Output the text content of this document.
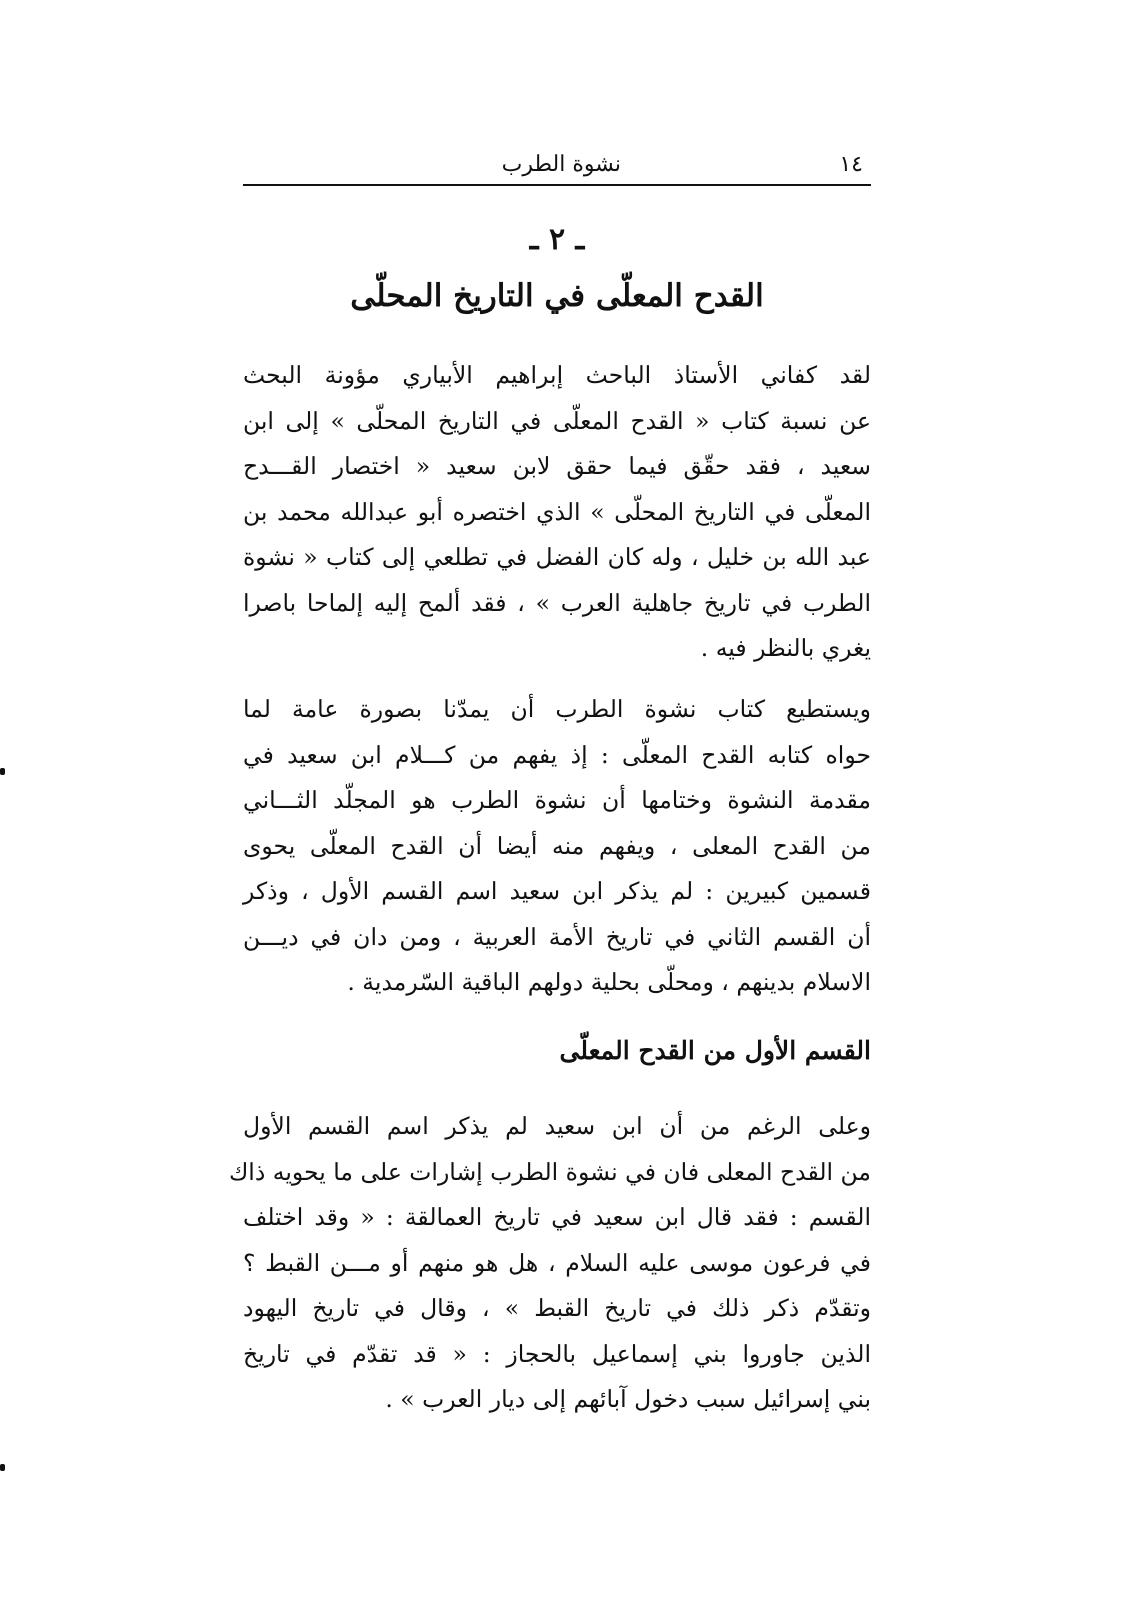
١٤
نشوة الطرب
ـ ٢ ـ
القدح المعلّى في التاريخ المحلّى
لقد كفاني الأستاذ الباحث إبراهيم الأبياري مؤونة البحث
عن نسبة كتاب « القدح المعلّى في التاريخ المحلّى » إلى ابن
سعيد ، فقد حقّق فيما حقق لابن سعيد « اختصار القـــدح
المعلّى في التاريخ المحلّى » الذي اختصره أبو عبدالله محمد بن
عبد الله بن خليل ، وله كان الفضل في تطلعي إلى كتاب « نشوة
الطرب في تاريخ جاهلية العرب » ، فقد ألمح إليه إلماحا باصرا
يغري بالنظر فيه .
ويستطيع كتاب نشوة الطرب أن يمدّنا بصورة عامة لما
حواه كتابه القدح المعلّى : إذ يفهم من كـــلام ابن سعيد في
مقدمة النشوة وختامها أن نشوة الطرب هو المجلّد الثـــاني
من القدح المعلى ، ويفهم منه أيضا أن القدح المعلّى يحوى
قسمين كبيرين : لم يذكر ابن سعيد اسم القسم الأول ، وذكر
أن القسم الثاني في تاريخ الأمة العربية ، ومن دان في ديـــن
الاسلام بدينهم ، ومحلّى بحلية دولهم الباقية السّرمدية .
القسم الأول من القدح المعلّى
وعلى الرغم من أن ابن سعيد لم يذكر اسم القسم الأول
من القدح المعلى فان في نشوة الطرب إشارات على ما يحويه ذاك
القسم : فقد قال ابن سعيد في تاريخ العمالقة : « وقد اختلف
في فرعون موسى عليه السلام ، هل هو منهم أو مـــن القبط ؟
وتقدّم ذكر ذلك في تاريخ القبط » ، وقال في تاريخ اليهود
الذين جاوروا بني إسماعيل بالحجاز : « قد تقدّم في تاريخ
بني إسرائيل سبب دخول آبائهم إلى ديار العرب » .
